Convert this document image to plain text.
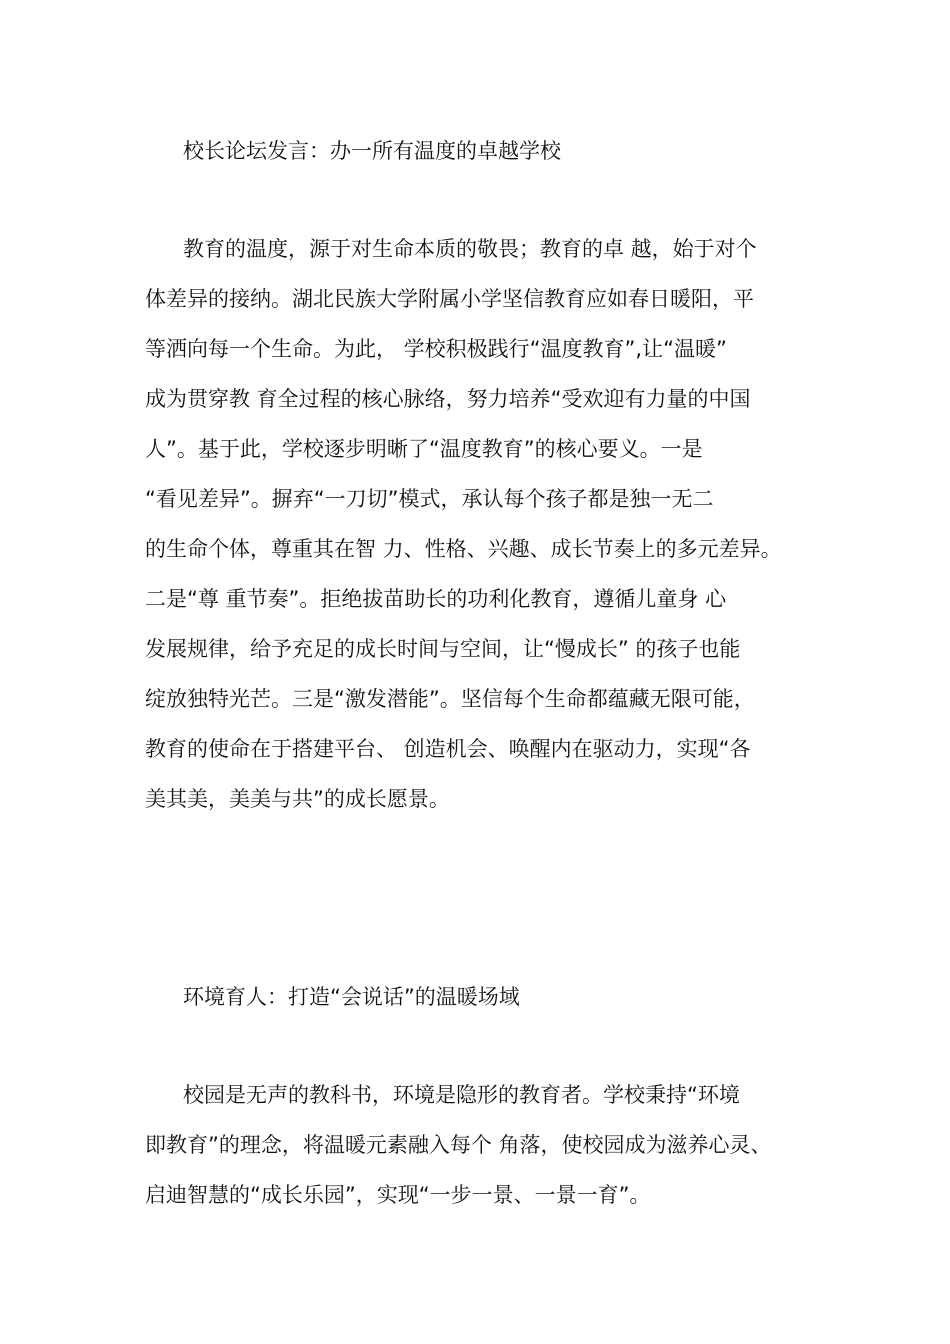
校长论坛发言：办一所有温度的卓越学校
教育的温度，源于对生命本质的敬畏；教育的卓 越，始于对个
体差异的接纳。湖北民族大学附属小学坚信教育应如春日暖阳，平
等洒向每一个生命。为此， 学校积极践行“温度教育”,让“温暖”
成为贯穿教 育全过程的核心脉络，努力培养“受欢迎有力量的中国
人”。基于此，学校逐步明晰了“温度教育”的核心要义。一是
“看见差异”。摒弃“一刀切”模式，承认每个孩子都是独一无二
的生命个体，尊重其在智 力、性格、兴趣、成长节奏上的多元差异。
二是“尊 重节奏”。拒绝拔苗助长的功利化教育，遵循儿童身 心
发展规律，给予充足的成长时间与空间，让“慢成长” 的孩子也能
绽放独特光芒。三是“激发潜能”。坚信每个生命都蕴藏无限可能，
教育的使命在于搭建平台、 创造机会、唤醒内在驱动力，实现“各
美其美，美美与共”的成长愿景。
环境育人：打造“会说话”的温暖场域
校园是无声的教科书，环境是隐形的教育者。学校秉持“环境
即教育”的理念，将温暖元素融入每个 角落，使校园成为滋养心灵、
启迪智慧的“成长乐园”，实现“一步一景、一景一育”。
